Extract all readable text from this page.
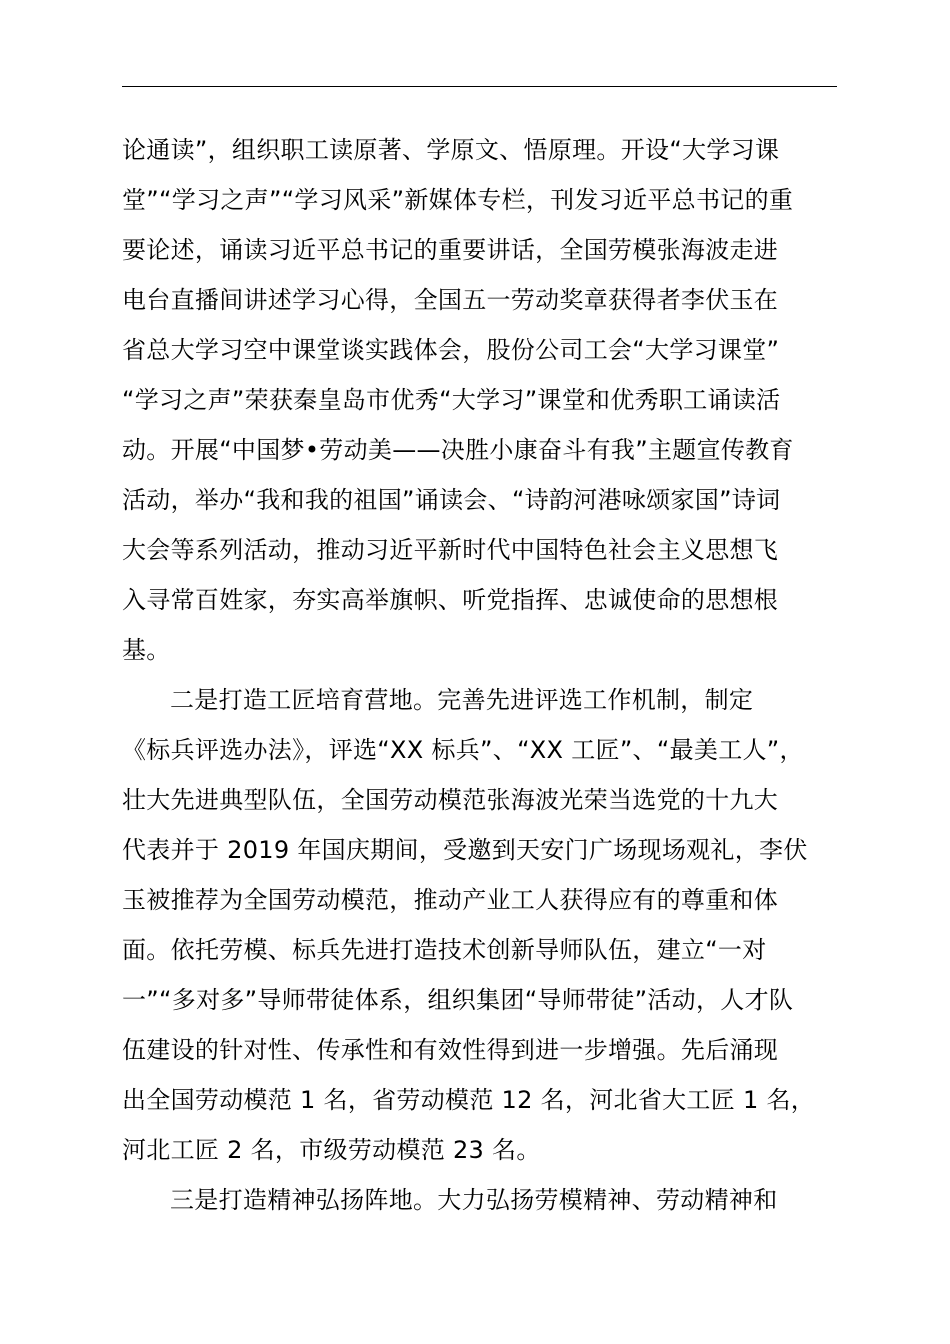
论通读”，组织职工读原著、学原文、悟原理。开设“大学习课
堂”“学习之声”“学习风采”新媒体专栏，刊发习近平总书记的重
要论述，诵读习近平总书记的重要讲话，全国劳模张海波走进
电台直播间讲述学习心得，全国五一劳动奖章获得者李伏玉在
省总大学习空中课堂谈实践体会，股份公司工会“大学习课堂”
“学习之声”荣获秦皇岛市优秀“大学习”课堂和优秀职工诵读活
动。开展“中国梦•劳动美——决胜小康奋斗有我”主题宣传教育
活动，举办“我和我的祖国”诵读会、“诗韵河港咏颂家国”诗词
大会等系列活动，推动习近平新时代中国特色社会主义思想飞
入寻常百姓家，夯实高举旗帜、听党指挥、忠诚使命的思想根
基。
二是打造工匠培育营地。完善先进评选工作机制，制定
《标兵评选办法》，评选“XX 标兵”、“XX 工匠”、“最美工人”，
壮大先进典型队伍，全国劳动模范张海波光荣当选党的十九大
代表并于 2019 年国庆期间，受邀到天安门广场现场观礼，李伏
玉被推荐为全国劳动模范，推动产业工人获得应有的尊重和体
面。依托劳模、标兵先进打造技术创新导师队伍，建立“一对
一”“多对多”导师带徒体系，组织集团“导师带徒”活动，人才队
伍建设的针对性、传承性和有效性得到进一步增强。先后涌现
出全国劳动模范 1 名，省劳动模范 12 名，河北省大工匠 1 名，
河北工匠 2 名，市级劳动模范 23 名。
三是打造精神弘扬阵地。大力弘扬劳模精神、劳动精神和
